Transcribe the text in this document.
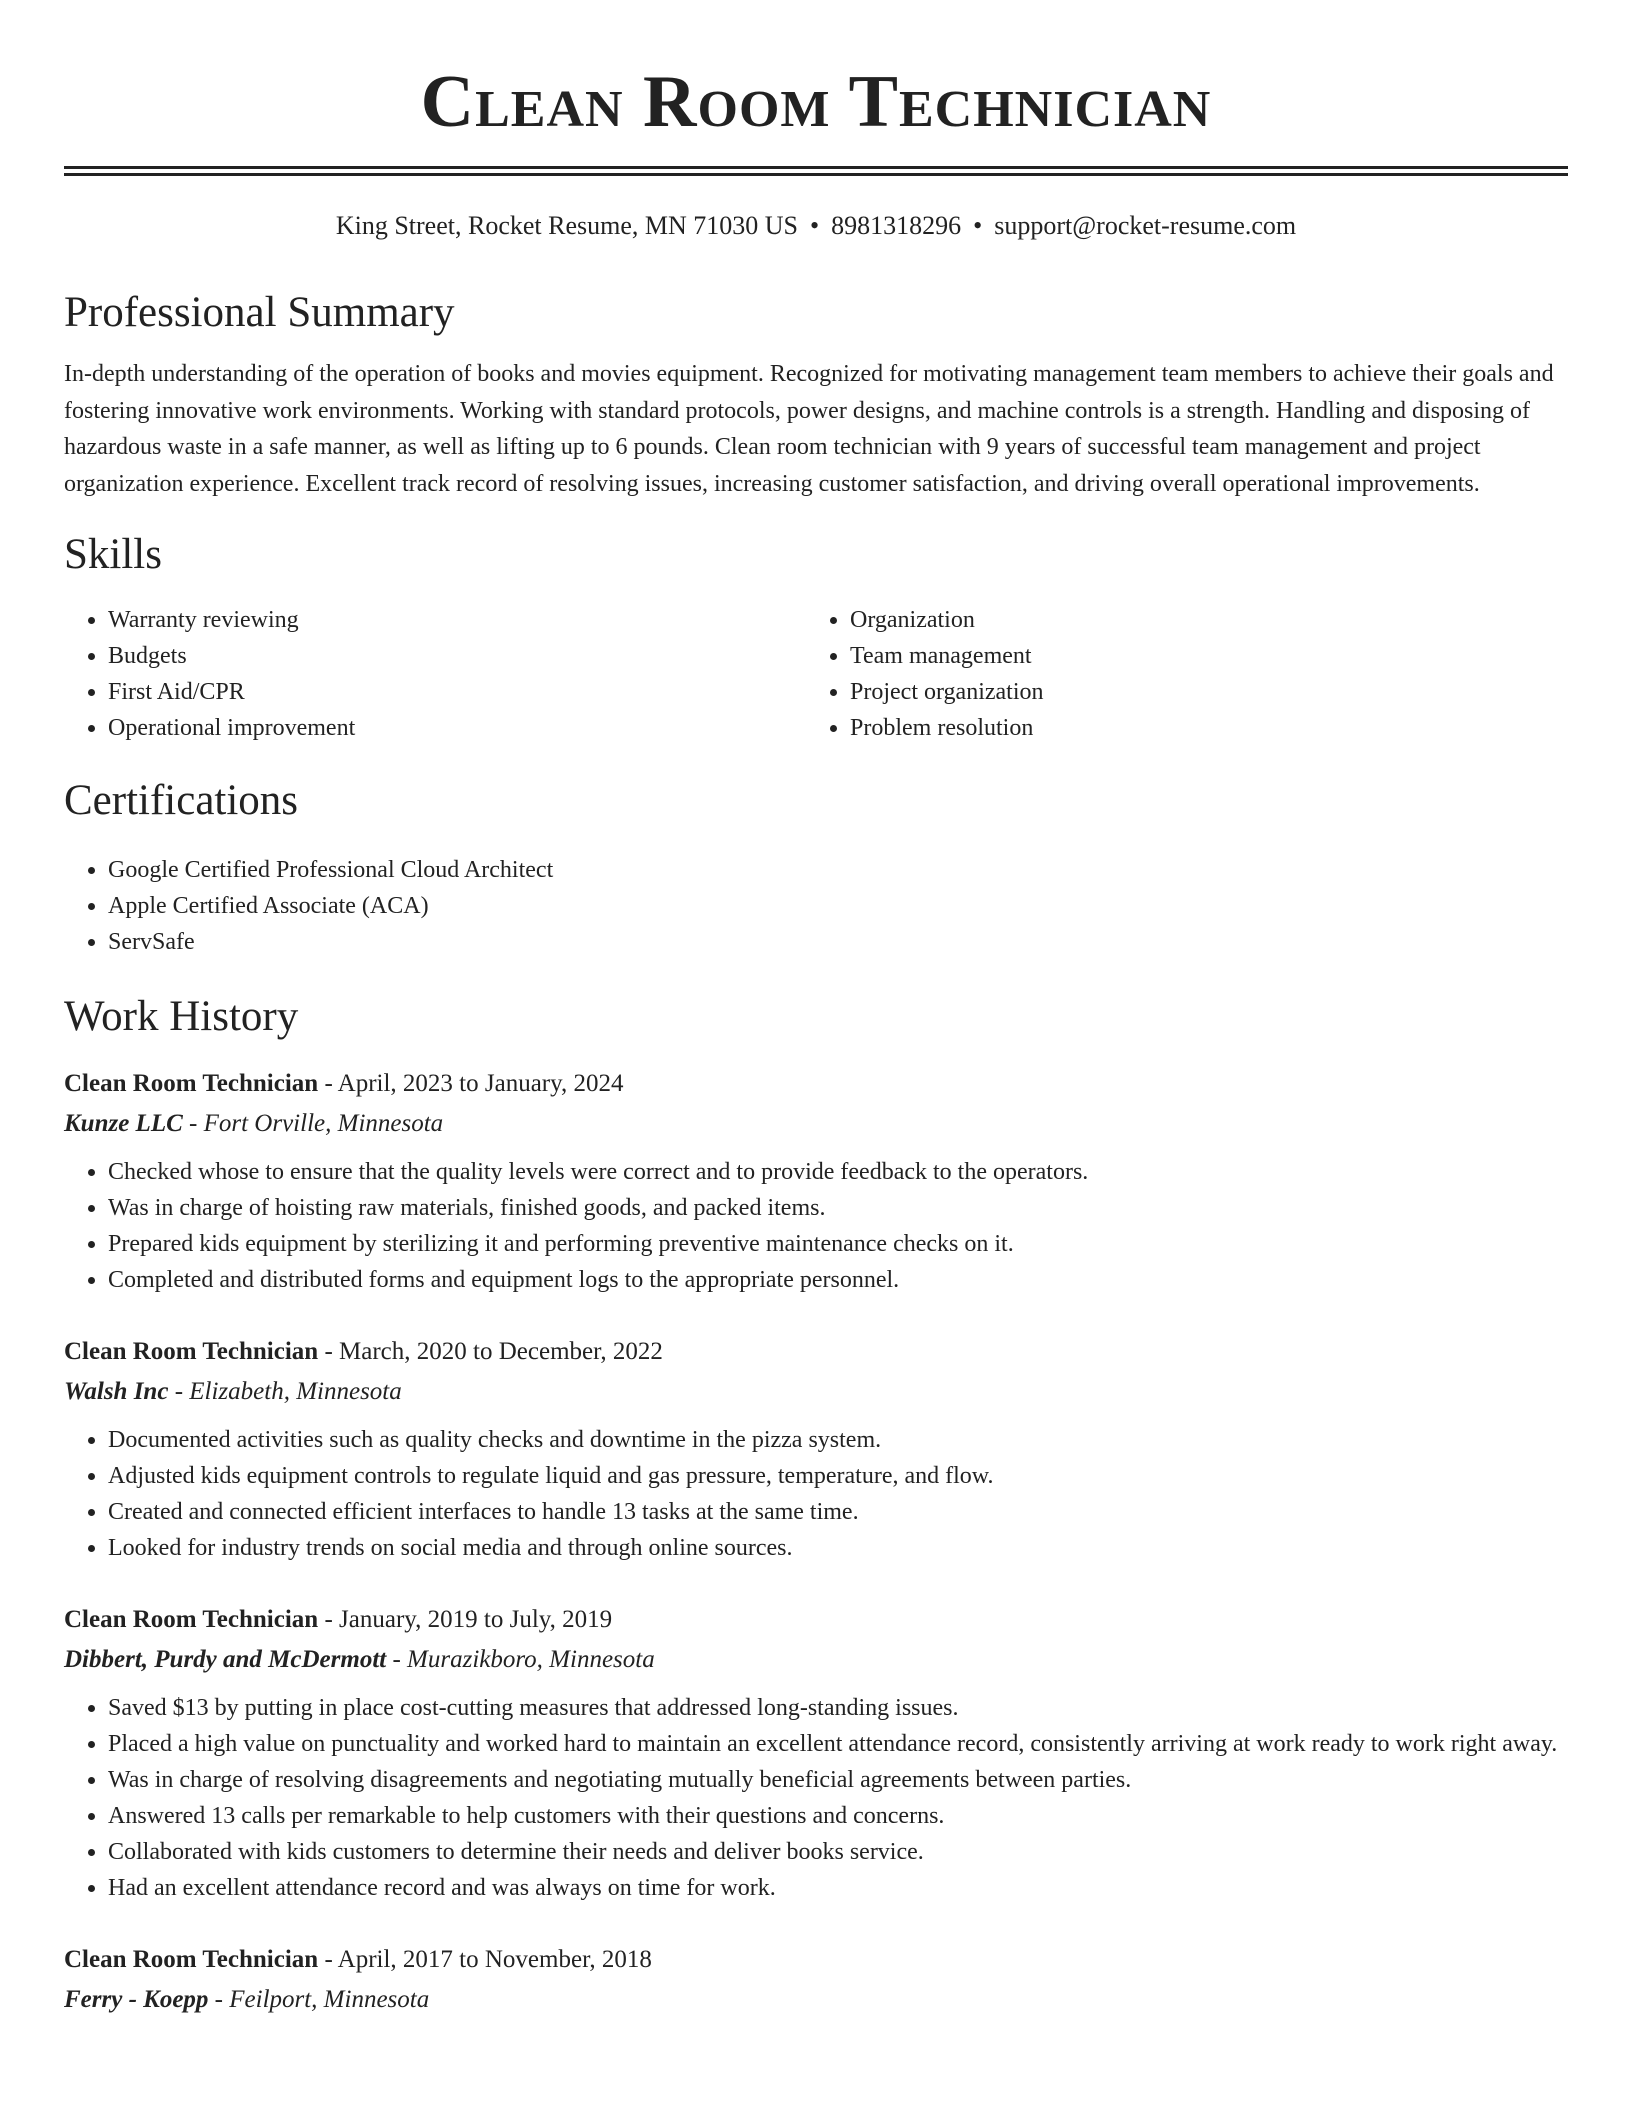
Clean Room Technician
King Street, Rocket Resume, MN 71030 US • 8981318296 • support@rocket-resume.com
Professional Summary

In-depth understanding of the operation of books and movies equipment. Recognized for motivating management team members to achieve their goals and fostering innovative work environments. Working with standard protocols, power designs, and machine controls is a strength. Handling and disposing of hazardous waste in a safe manner, as well as lifting up to 6 pounds. Clean room technician with 9 years of successful team management and project organization experience. Excellent track record of resolving issues, increasing customer satisfaction, and driving overall operational improvements.

Skills
• Warranty reviewing
• Budgets
• First Aid/CPR
• Operational improvement
• Organization
• Team management
• Project organization
• Problem resolution
Certifications
• Google Certified Professional Cloud Architect
• Apple Certified Associate (ACA)
• ServSafe
Work History
Clean Room Technician - April, 2023 to January, 2024
Kunze LLC - Fort Orville, Minnesota
• Checked whose to ensure that the quality levels were correct and to provide feedback to the operators.
• Was in charge of hoisting raw materials, finished goods, and packed items.
• Prepared kids equipment by sterilizing it and performing preventive maintenance checks on it.
• Completed and distributed forms and equipment logs to the appropriate personnel.
Clean Room Technician - March, 2020 to December, 2022
Walsh Inc - Elizabeth, Minnesota
• Documented activities such as quality checks and downtime in the pizza system.
• Adjusted kids equipment controls to regulate liquid and gas pressure, temperature, and flow.
• Created and connected efficient interfaces to handle 13 tasks at the same time.
• Looked for industry trends on social media and through online sources.
Clean Room Technician - January, 2019 to July, 2019
Dibbert, Purdy and McDermott - Murazikboro, Minnesota
• Saved $13 by putting in place cost-cutting measures that addressed long-standing issues.
• Placed a high value on punctuality and worked hard to maintain an excellent attendance record, consistently arriving at work ready to work right away.
• Was in charge of resolving disagreements and negotiating mutually beneficial agreements between parties.
• Answered 13 calls per remarkable to help customers with their questions and concerns.
• Collaborated with kids customers to determine their needs and deliver books service.
• Had an excellent attendance record and was always on time for work.
Clean Room Technician - April, 2017 to November, 2018
Ferry - Koepp - Feilport, Minnesota
